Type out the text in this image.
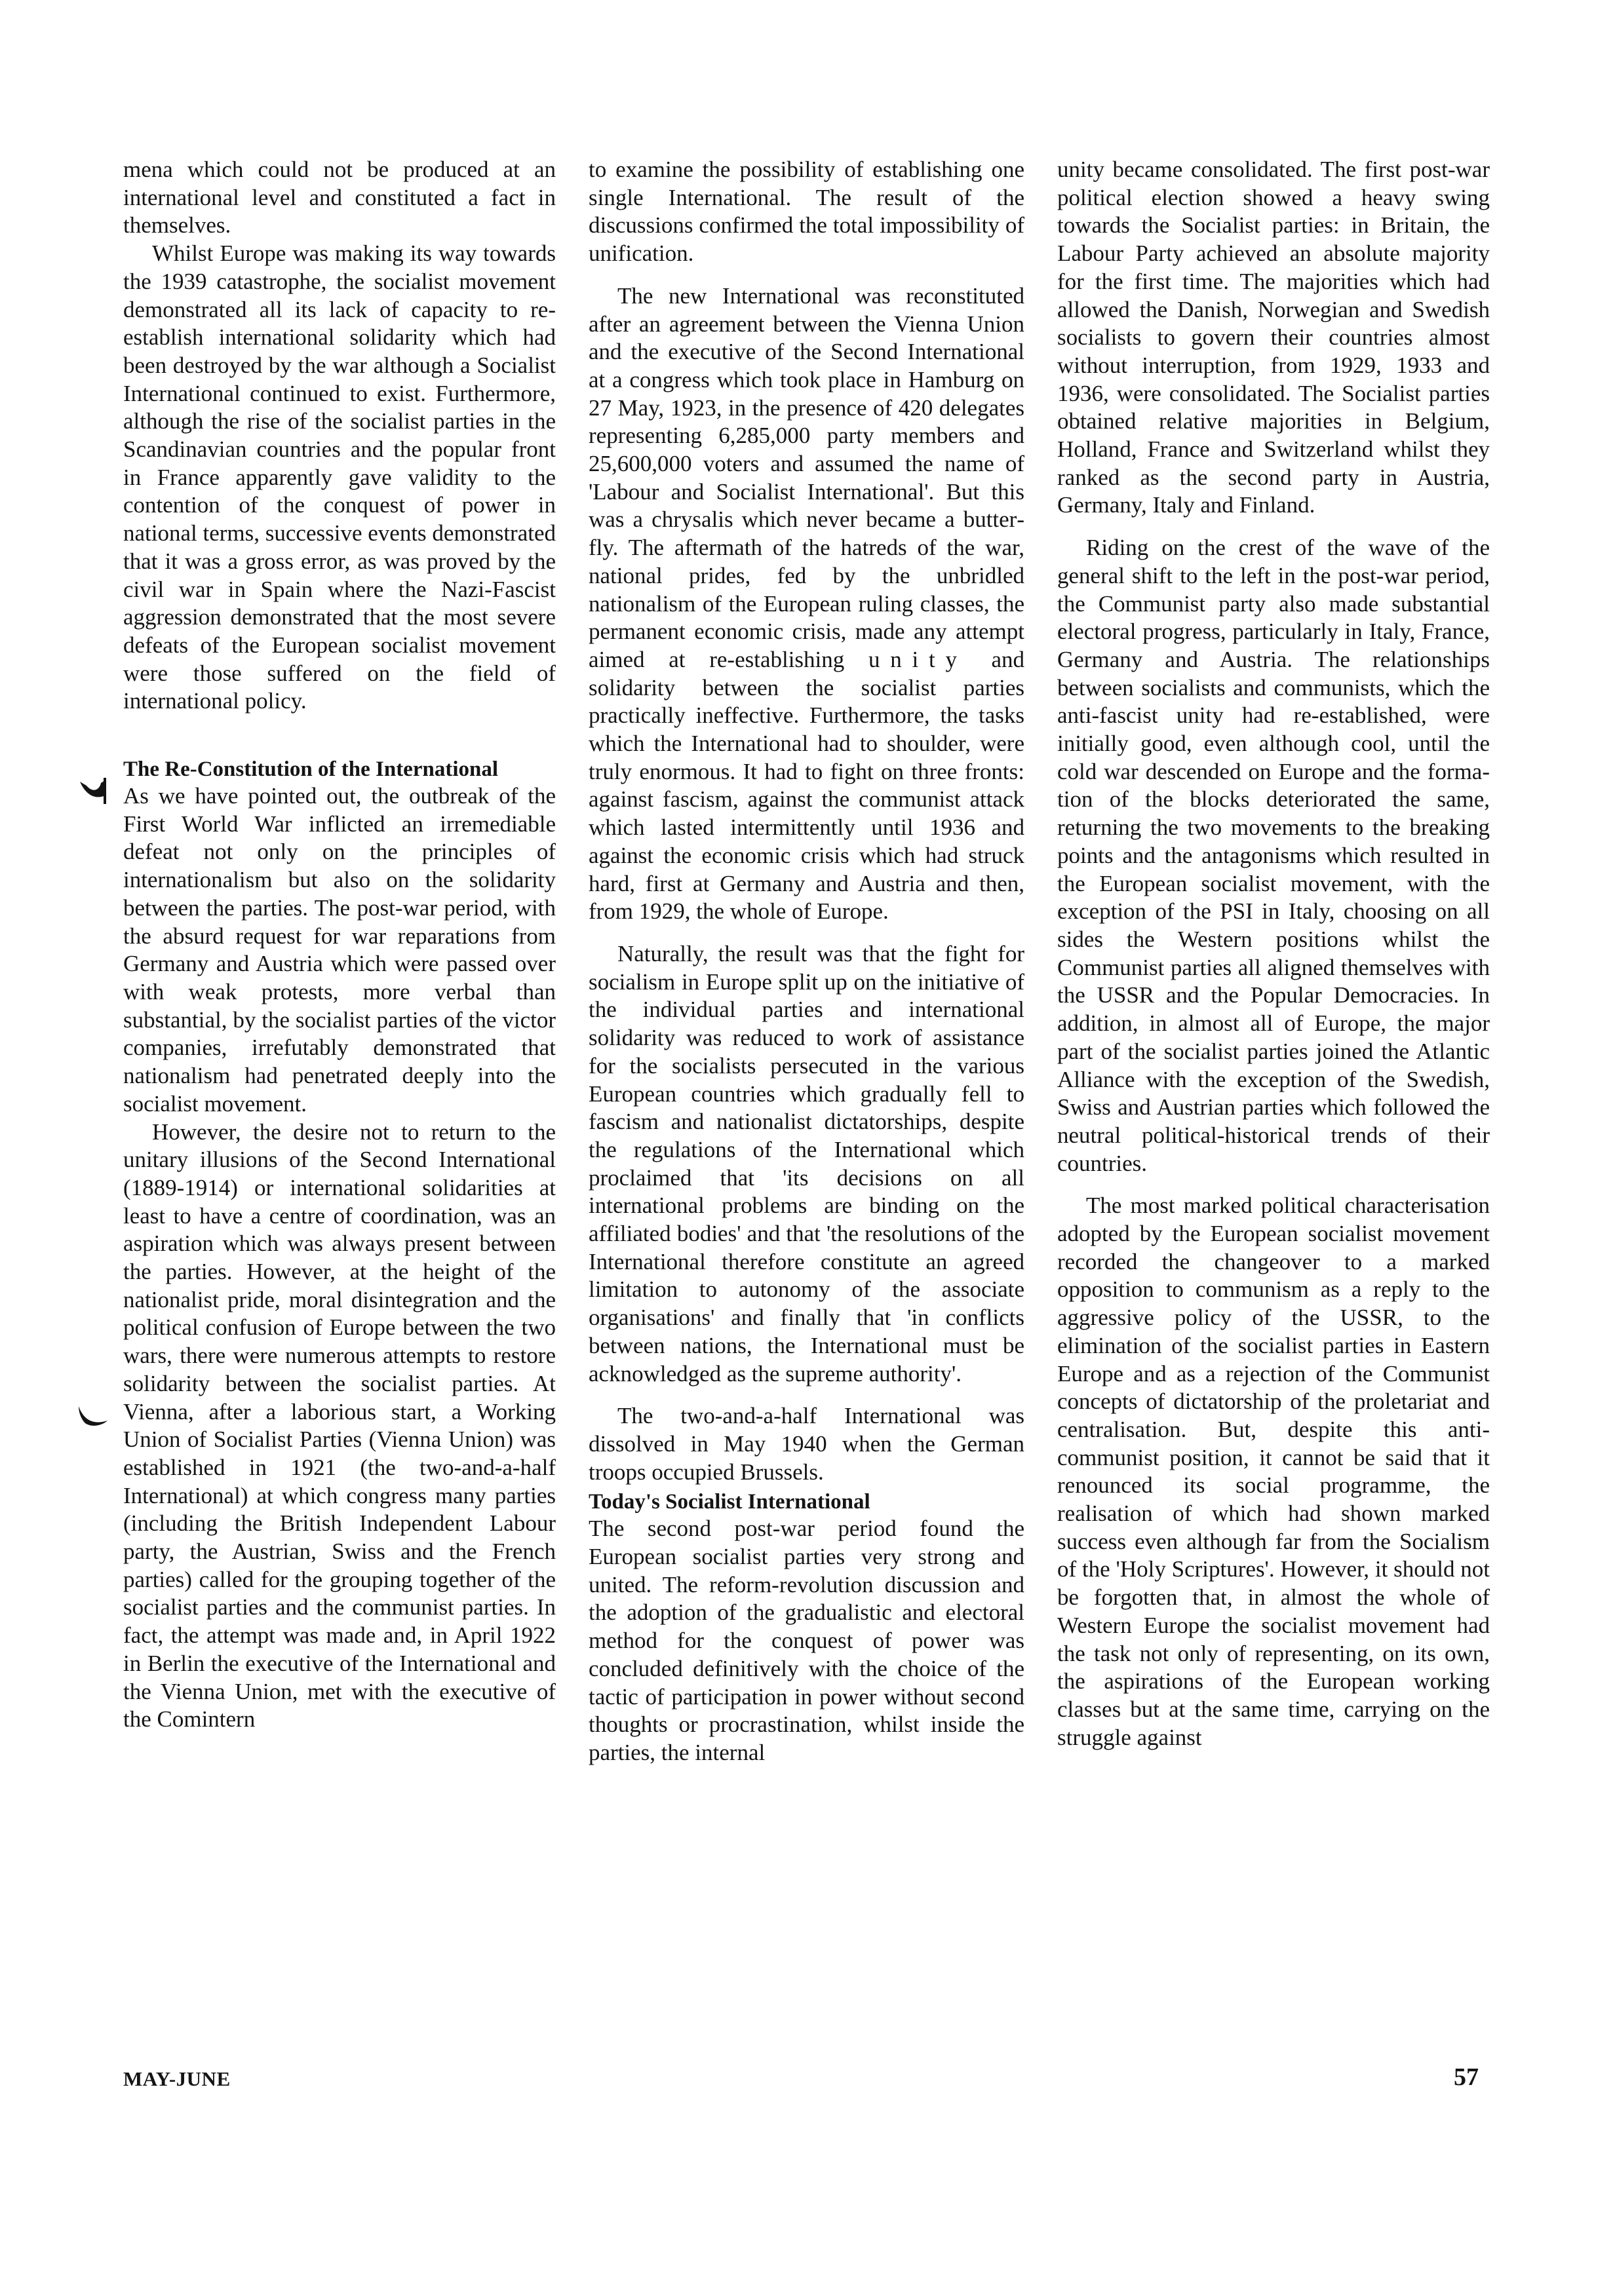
mena which could not be produced at an international level and constituted a fact in themselves.

Whilst Europe was making its way towards the 1939 catastrophe, the socialist movement demonstrated all its lack of capacity to re-establish international solidarity which had been destroyed by the war although a Socialist International continued to exist. Furthermore, although the rise of the socialist parties in the Scandinavian countries and the popular front in France apparently gave validity to the contention of the conquest of power in national terms, successive events demonstrated that it was a gross error, as was proved by the civil war in Spain where the Nazi-Fascist aggression demonstrated that the most severe defeats of the European socialist movement were those suffered on the field of international policy.

The Re-Constitution of the International

As we have pointed out, the outbreak of the First World War inflicted an irremediable defeat not only on the principles of internationalism but also on the solidarity between the parties. The post-war period, with the absurd request for war reparations from Germany and Austria which were passed over with weak protests, more verbal than substantial, by the socialist parties of the victor companies, irrefutably demonstrated that nationalism had penetrated deeply into the socialist movement.

However, the desire not to return to the unitary illusions of the Second International (1889-1914) or international solidarities at least to have a centre of coordination, was an aspiration which was always present between the parties. However, at the height of the nationalist pride, moral disintegration and the political confusion of Europe between the two wars, there were numerous attempts to restore solidarity between the socialist parties. At Vienna, after a laborious start, a Working Union of Socialist Parties (Vienna Union) was established in 1921 (the two-and-a-half International) at which congress many parties (including the British Independent Labour party, the Austrian, Swiss and the French parties) called for the grouping together of the socialist parties and the communist parties. In fact, the attempt was made and, in April 1922 in Berlin the executive of the International and the Vienna Union, met with the executive of the Comintern

to examine the possibility of establishing one single International. The result of the discussions confirmed the total impossibility of unification.

The new International was reconstituted after an agreement between the Vienna Union and the executive of the Second International at a congress which took place in Hamburg on 27 May, 1923, in the presence of 420 delegates representing 6,285,000 party members and 25,600,000 voters and assumed the name of 'Labour and Socialist International'. But this was a chrysalis which never became a butterfly. The aftermath of the hatreds of the war, national prides, fed by the unbridled nationalism of the European ruling classes, the permanent economic crisis, made any attempt aimed at re-establishing unity and solidarity between the socialist parties practically ineffective. Furthermore, the tasks which the International had to shoulder, were truly enormous. It had to fight on three fronts: against fascism, against the communist attack which lasted intermittently until 1936 and against the economic crisis which had struck hard, first at Germany and Austria and then, from 1929, the whole of Europe.

Naturally, the result was that the fight for socialism in Europe split up on the initiative of the individual parties and international solidarity was reduced to work of assistance for the socialists persecuted in the various European countries which gradually fell to fascism and nationalist dictatorships, despite the regulations of the International which proclaimed that 'its decisions on all international problems are binding on the affiliated bodies' and that 'the resolutions of the International therefore constitute an agreed limitation to autonomy of the associate organisations' and finally that 'in conflicts between nations, the International must be acknowledged as the supreme authority'.

The two-and-a-half International was dissolved in May 1940 when the German troops occupied Brussels.

Today's Socialist International

The second post-war period found the European socialist parties very strong and united. The reform-revolution discussion and the adoption of the gradualistic and electoral method for the conquest of power was concluded definitively with the choice of the tactic of participation in power without second thoughts or procrastination, whilst inside the parties, the internal

unity became consolidated. The first post-war political election showed a heavy swing towards the Socialist parties: in Britain, the Labour Party achieved an absolute majority for the first time. The majorities which had allowed the Danish, Norwegian and Swedish socialists to govern their countries almost without interruption, from 1929, 1933 and 1936, were consolidated. The Socialist parties obtained relative majorities in Belgium, Holland, France and Switzerland whilst they ranked as the second party in Austria, Germany, Italy and Finland.

Riding on the crest of the wave of the general shift to the left in the post-war period, the Communist party also made substantial electoral progress, particularly in Italy, France, Germany and Austria. The relationships between socialists and communists, which the anti-fascist unity had re-established, were initially good, even although cool, until the cold war descended on Europe and the formation of the blocks deteriorated the same, returning the two movements to the breaking points and the antagonisms which resulted in the European socialist movement, with the exception of the PSI in Italy, choosing on all sides the Western positions whilst the Communist parties all aligned themselves with the USSR and the Popular Democracies. In addition, in almost all of Europe, the major part of the socialist parties joined the Atlantic Alliance with the exception of the Swedish, Swiss and Austrian parties which followed the neutral political-historical trends of their countries.

The most marked political characterisation adopted by the European socialist movement recorded the changeover to a marked opposition to communism as a reply to the aggressive policy of the USSR, to the elimination of the socialist parties in Eastern Europe and as a rejection of the Communist concepts of dictatorship of the proletariat and centralisation. But, despite this anti-communist position, it cannot be said that it renounced its social programme, the realisation of which had shown marked success even although far from the Socialism of the 'Holy Scriptures'. However, it should not be forgotten that, in almost the whole of Western Europe the socialist movement had the task not only of representing, on its own, the aspirations of the European working classes but at the same time, carrying on the struggle against

MAY-JUNE	57
